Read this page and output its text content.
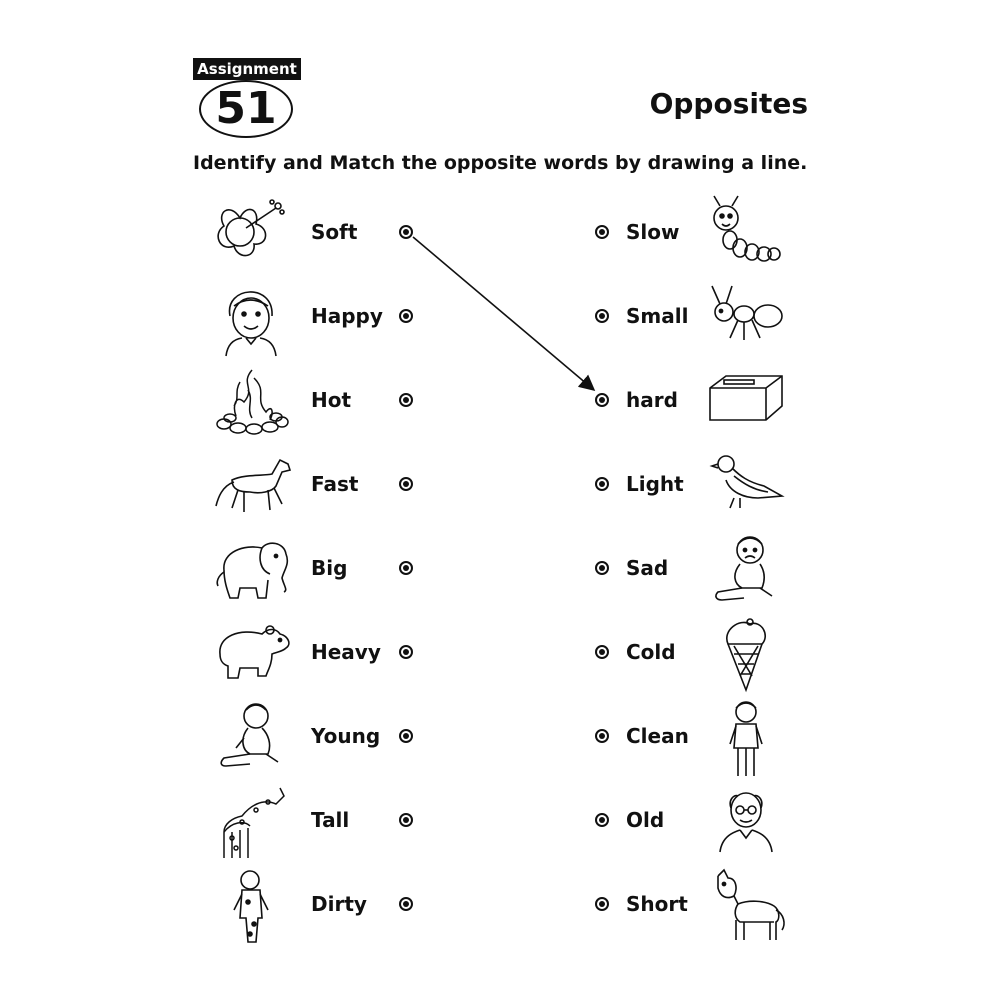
Assignment
51	Opposites
Identify and Match the opposite words by drawing a line.
Soft
Happy
Hot
Fast
Big
Heavy
Young
Tall
Dirty
Slow
Small
hard
Light
Sad
Cold
Clean
Old
Short
